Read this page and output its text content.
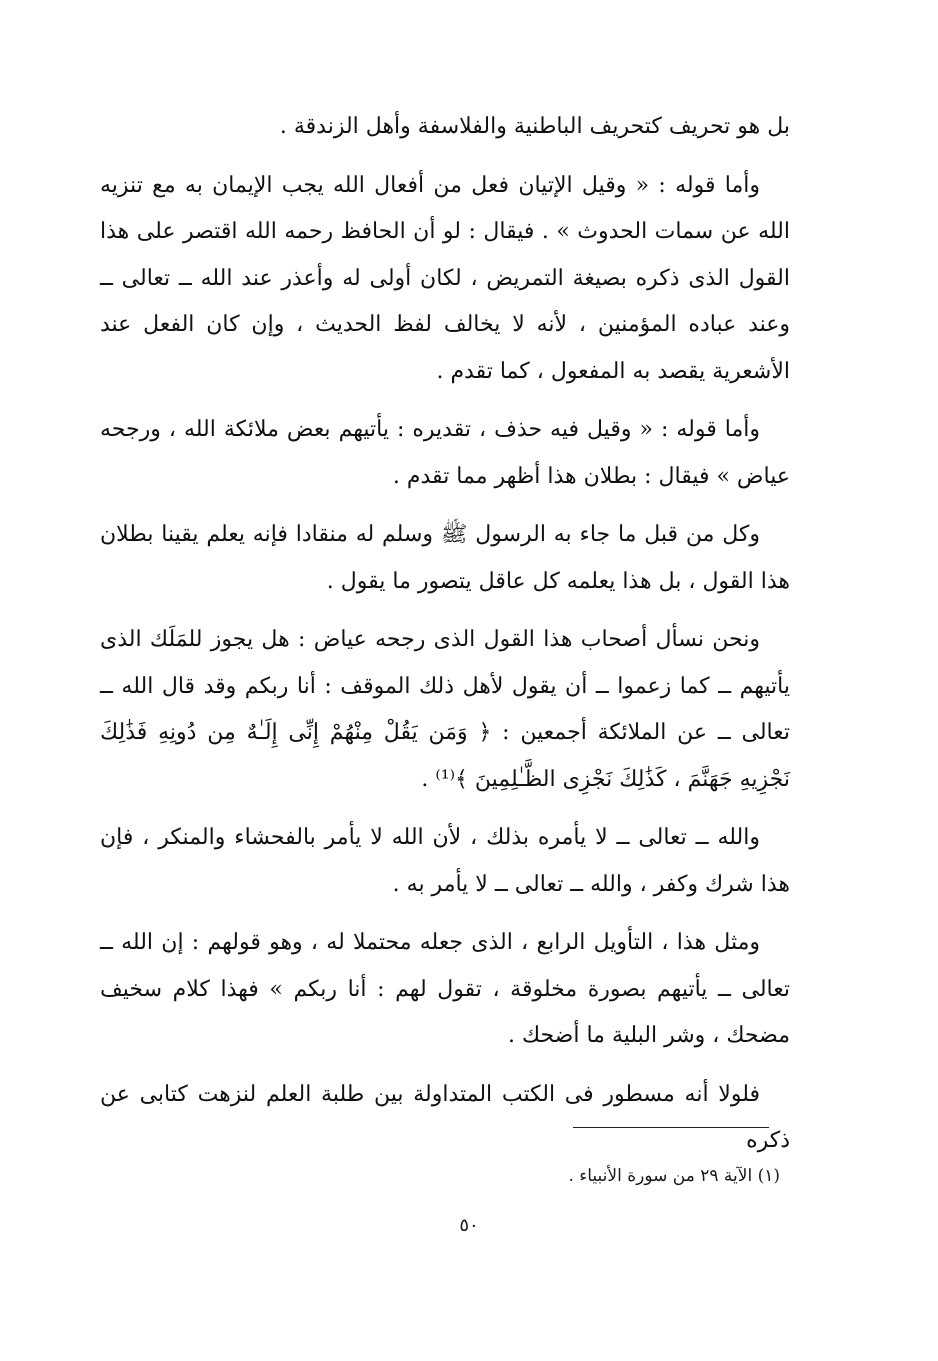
بل هو تحريف كتحريف الباطنية والفلاسفة وأهل الزندقة .

وأما قوله : « وقيل الإتيان فعل من أفعال الله يجب الإيمان به مع تنزيه الله عن سمات الحدوث » . فيقال : لو أن الحافظ رحمه الله اقتصر على هذا القول الذى ذكره بصيغة التمريض ، لكان أولى له وأعذر عند الله ــ تعالى ــ وعند عباده المؤمنين ، لأنه لا يخالف لفظ الحديث ، وإن كان الفعل عند الأشعرية يقصد به المفعول ، كما تقدم .

وأما قوله : « وقيل فيه حذف ، تقديره : يأتيهم بعض ملائكة الله ، ورجحه عياض » فيقال : بطلان هذا أظهر مما تقدم .

وكل من قبل ما جاء به الرسول ﷺ وسلم له منقادا فإنه يعلم يقينا بطلان هذا القول ، بل هذا يعلمه كل عاقل يتصور ما يقول .

ونحن نسأل أصحاب هذا القول الذى رجحه عياض : هل يجوز للمَلَك الذى يأتيهم ــ كما زعموا ــ أن يقول لأهل ذلك الموقف : أنا ربكم وقد قال الله ــ تعالى ــ عن الملائكة أجمعين : ﴿ وَمَن يَقُلْ مِنْهُمْ إِنِّى إِلَـٰهٌ مِن دُونِهِ فَذَٰلِكَ نَجْزِيهِ جَهَنَّمَ ، كَذَٰلِكَ نَجْزِى الظَّـٰلِمِينَ ﴾⁽¹⁾ .

والله ــ تعالى ــ لا يأمره بذلك ، لأن الله لا يأمر بالفحشاء والمنكر ، فإن هذا شرك وكفر ، والله ــ تعالى ــ لا يأمر به .

ومثل هذا ، التأويل الرابع ، الذى جعله محتملا له ، وهو قولهم : إن الله ــ تعالى ــ يأتيهم بصورة مخلوقة ، تقول لهم : أنا ربكم » فهذا كلام سخيف مضحك ، وشر البلية ما أضحك .

فلولا أنه مسطور فى الكتب المتداولة بين طلبة العلم لنزهت كتابى عن ذكره

(١) الآية ٢٩ من سورة الأنبياء .
٥٠
